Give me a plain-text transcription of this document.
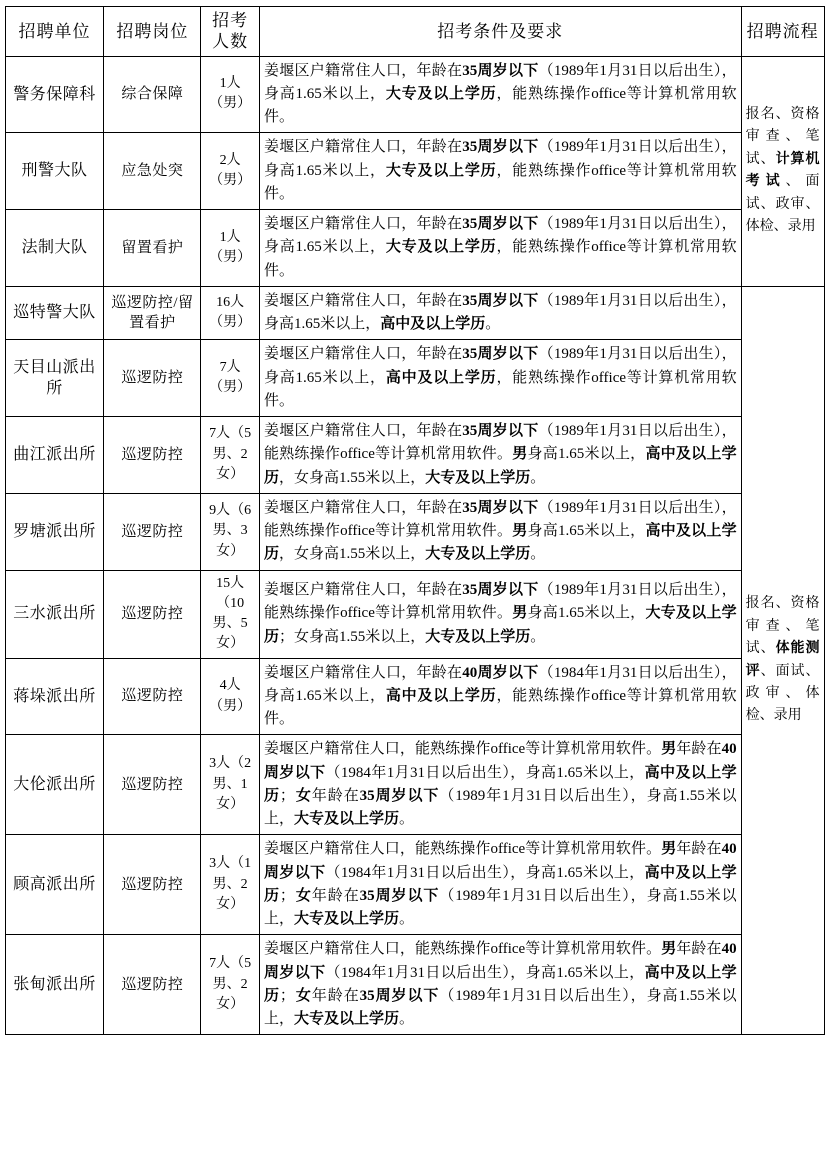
招聘单位	招聘岗位	招考人数	招考条件及要求	招聘流程
警务保障科	综合保障	1人（男）	姜堰区户籍常住人口，年龄在35周岁以下（1989年1月31日以后出生），身高1.65米以上，大专及以上学历，能熟练操作office等计算机常用软件。	报名、资格审查、笔试、计算机考试、面试、政审、体检、录用
刑警大队	应急处突	2人（男）	姜堰区户籍常住人口，年龄在35周岁以下（1989年1月31日以后出生），身高1.65米以上，大专及以上学历，能熟练操作office等计算机常用软件。	
法制大队	留置看护	1人（男）	姜堰区户籍常住人口，年龄在35周岁以下（1989年1月31日以后出生），身高1.65米以上，大专及以上学历，能熟练操作office等计算机常用软件。	
巡特警大队	巡逻防控/留置看护	16人（男）	姜堰区户籍常住人口，年龄在35周岁以下（1989年1月31日以后出生），身高1.65米以上，高中及以上学历。	报名、资格审查、笔试、体能测评、面试、政审、体检、录用
天目山派出所	巡逻防控	7人（男）	姜堰区户籍常住人口，年龄在35周岁以下（1989年1月31日以后出生），身高1.65米以上，高中及以上学历，能熟练操作office等计算机常用软件。	
曲江派出所	巡逻防控	7人（5男、2女）	姜堰区户籍常住人口，年龄在35周岁以下（1989年1月31日以后出生），能熟练操作office等计算机常用软件。男身高1.65米以上，高中及以上学历，女身高1.55米以上，大专及以上学历。	
罗塘派出所	巡逻防控	9人（6男、3女）	姜堰区户籍常住人口，年龄在35周岁以下（1989年1月31日以后出生），能熟练操作office等计算机常用软件。男身高1.65米以上，高中及以上学历，女身高1.55米以上，大专及以上学历。	
三水派出所	巡逻防控	15人（10男、5女）	姜堰区户籍常住人口，年龄在35周岁以下（1989年1月31日以后出生），能熟练操作office等计算机常用软件。男身高1.65米以上，大专及以上学历；女身高1.55米以上，大专及以上学历。	
蒋垛派出所	巡逻防控	4人（男）	姜堰区户籍常住人口，年龄在40周岁以下（1984年1月31日以后出生），身高1.65米以上，高中及以上学历，能熟练操作office等计算机常用软件。	
大伦派出所	巡逻防控	3人（2男、1女）	姜堰区户籍常住人口，能熟练操作office等计算机常用软件。男年龄在40周岁以下（1984年1月31日以后出生），身高1.65米以上，高中及以上学历；女年龄在35周岁以下（1989年1月31日以后出生），身高1.55米以上，大专及以上学历。	
顾高派出所	巡逻防控	3人（1男、2女）	姜堰区户籍常住人口，能熟练操作office等计算机常用软件。男年龄在40周岁以下（1984年1月31日以后出生），身高1.65米以上，高中及以上学历；女年龄在35周岁以下（1989年1月31日以后出生），身高1.55米以上，大专及以上学历。	
张甸派出所	巡逻防控	7人（5男、2女）	姜堰区户籍常住人口，能熟练操作office等计算机常用软件。男年龄在40周岁以下（1984年1月31日以后出生），身高1.65米以上，高中及以上学历；女年龄在35周岁以下（1989年1月31日以后出生），身高1.55米以上，大专及以上学历。	
